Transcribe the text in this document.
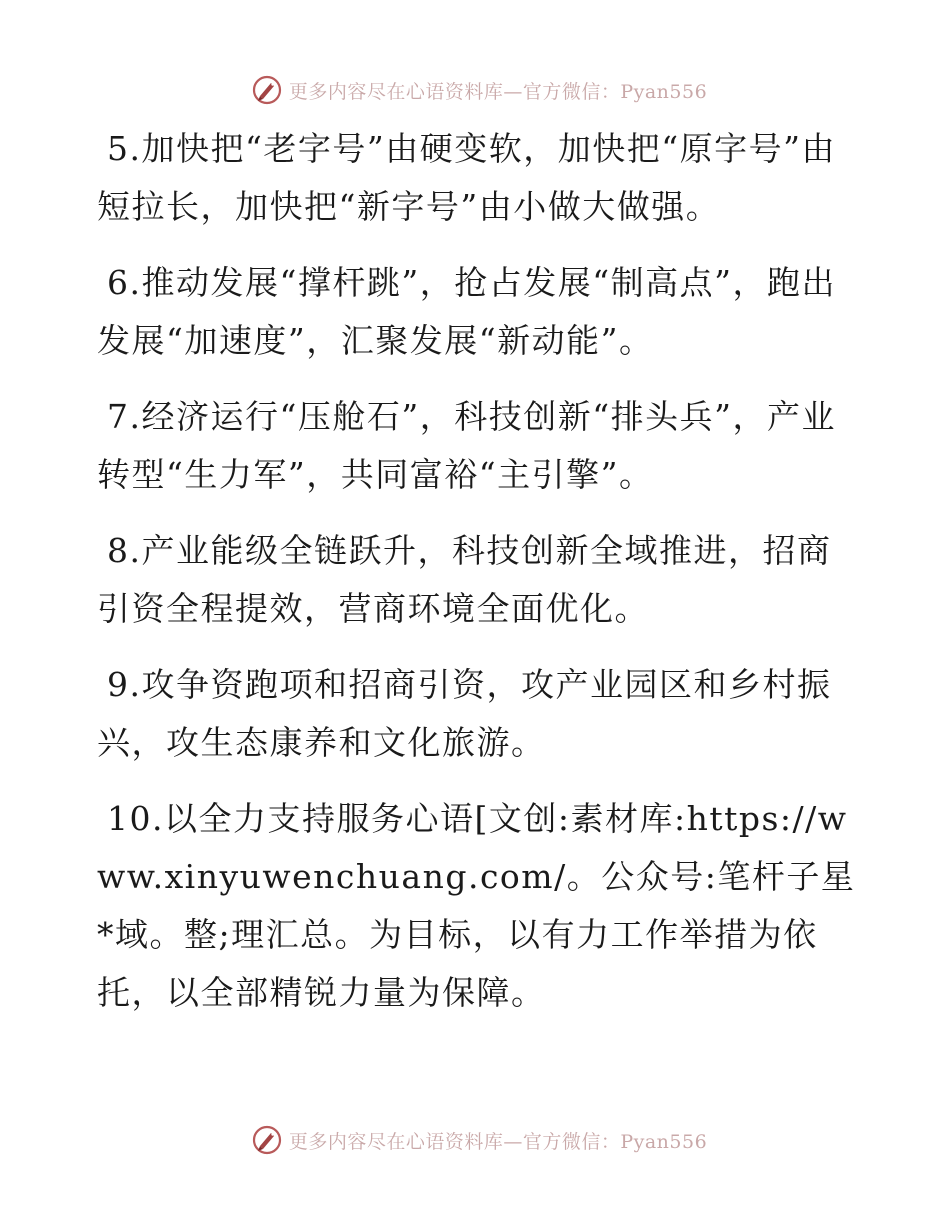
更多内容尽在心语资料库—官方微信：Pyan556

5.加快把“老字号”由硬变软，加快把“原字号”由短拉长，加快把“新字号”由小做大做强。

6.推动发展“撑杆跳”，抢占发展“制高点”，跑出发展“加速度”，汇聚发展“新动能”。

7.经济运行“压舱石”，科技创新“排头兵”，产业转型“生力军”，共同富裕“主引擎”。

8.产业能级全链跃升，科技创新全域推进，招商引资全程提效，营商环境全面优化。

9.攻争资跑项和招商引资，攻产业园区和乡村振兴，攻生态康养和文化旅游。

10.以全力支持服务心语[文创:素材库:https://www.xinyuwenchuang.com/。公众号:笔杆子星*域。整;理汇总。为目标，以有力工作举措为依托，以全部精锐力量为保障。

更多内容尽在心语资料库—官方微信：Pyan556
